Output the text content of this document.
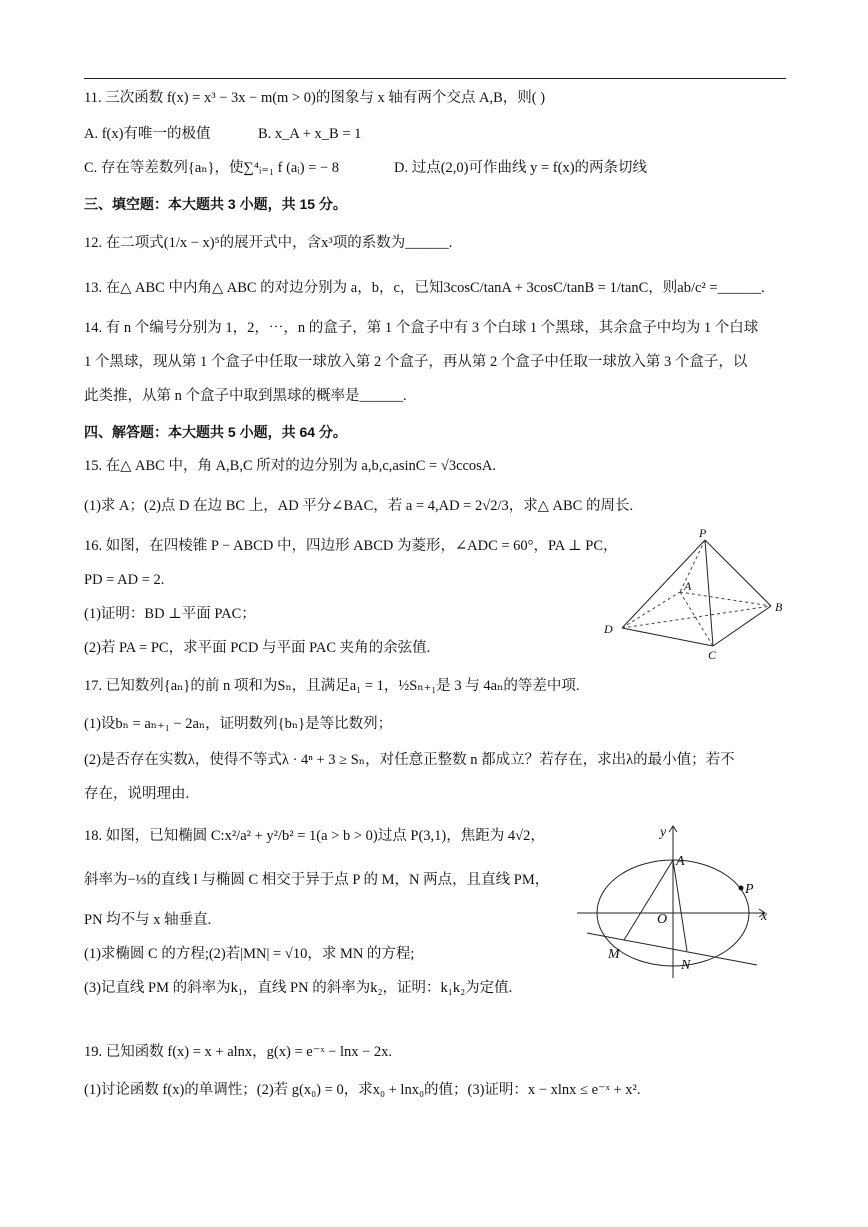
11. 三次函数 f(x) = x³ − 3x − m(m > 0)的图象与 x 轴有两个交点 A,B，则( )
A. f(x)有唯一的极值	B. x_A + x_B = 1
C. 存在等差数列{aₙ}，使∑⁴ᵢ₌₁ f (aᵢ) = − 8	D. 过点(2,0)可作曲线 y = f(x)的两条切线
三、填空题：本大题共 3 小题，共 15 分。
12. 在二项式(1/x − x)⁵的展开式中，含x³项的系数为______.
13. 在△ ABC 中内角△ ABC 的对边分别为 a，b，c，已知3cosC/tanA + 3cosC/tanB = 1/tanC，则ab/c² =______.
14. 有 n 个编号分别为 1，2，⋯，n 的盒子，第 1 个盒子中有 3 个白球 1 个黑球，其余盒子中均为 1 个白球
1 个黑球，现从第 1 个盒子中任取一球放入第 2 个盒子，再从第 2 个盒子中任取一球放入第 3 个盒子，以
此类推，从第 n 个盒子中取到黑球的概率是______.
四、解答题：本大题共 5 小题，共 64 分。
15. 在△ ABC 中，角 A,B,C 所对的边分别为 a,b,c,asinC = √3ccosA.
(1)求 A；(2)点 D 在边 BC 上，AD 平分∠BAC，若 a = 4,AD = 2√2/3，求△ ABC 的周长.
16. 如图，在四棱锥 P − ABCD 中，四边形 ABCD 为菱形，∠ADC = 60°，PA ⊥ PC，
PD = AD = 2.
(1)证明：BD ⊥平面 PAC；
(2)若 PA = PC，求平面 PCD 与平面 PAC 夹角的余弦值.
P
A
B
C
D
17. 已知数列{aₙ}的前 n 项和为Sₙ，且满足a₁ = 1，½Sₙ₊₁是 3 与 4aₙ的等差中项.
(1)设bₙ = aₙ₊₁ − 2aₙ，证明数列{bₙ}是等比数列；
(2)是否存在实数λ，使得不等式λ · 4ⁿ + 3 ≥ Sₙ，对任意正整数 n 都成立？若存在，求出λ的最小值；若不
存在，说明理由.
18. 如图，已知椭圆 C:x²/a² + y²/b² = 1(a > b > 0)过点 P(3,1)，焦距为 4√2，
斜率为−⅓的直线 l 与椭圆 C 相交于异于点 P 的 M，N 两点，且直线 PM，
PN 均不与 x 轴垂直.
(1)求椭圆 C 的方程;(2)若|MN| = √10，求 MN 的方程;
(3)记直线 PM 的斜率为k₁，直线 PN 的斜率为k₂，证明：k₁k₂为定值.
y
x
A
P
O
M
N
19. 已知函数 f(x) = x + alnx，g(x) = e⁻ˣ − lnx − 2x.
(1)讨论函数 f(x)的单调性；(2)若 g(x₀) = 0，求x₀ + lnx₀的值；(3)证明：x − xlnx ≤ e⁻ˣ + x².
